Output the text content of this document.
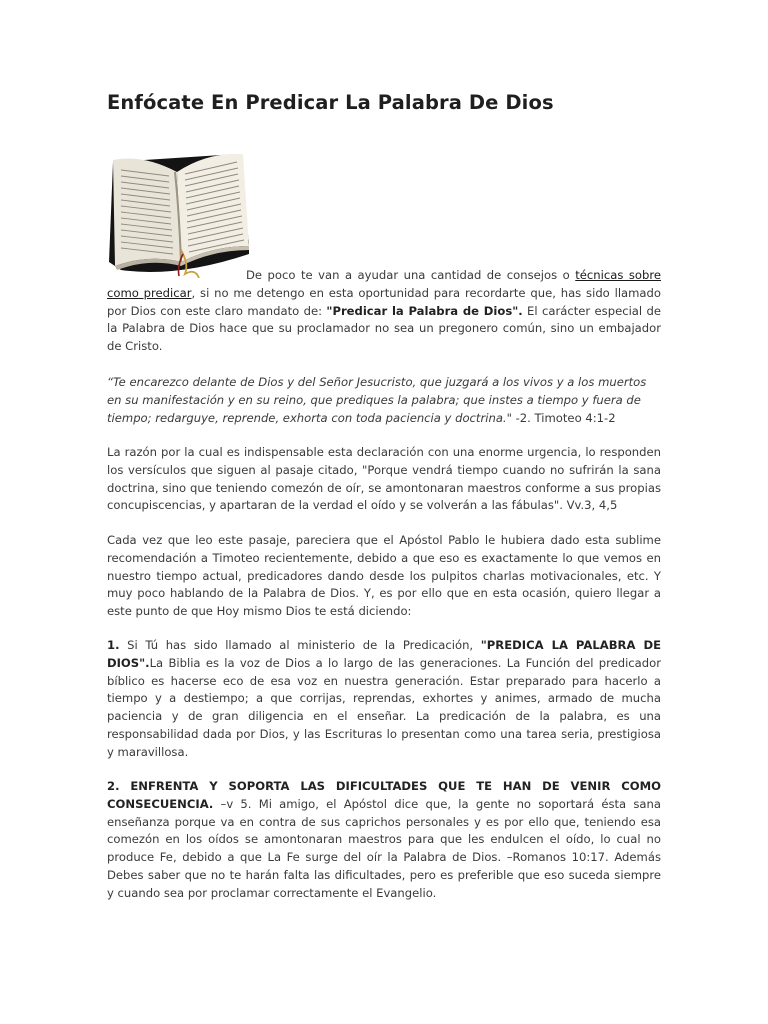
Enfócate En Predicar La Palabra De Dios

De poco te van a ayudar una cantidad de consejos o técnicas sobre como predicar, si no me detengo en esta oportunidad para recordarte que, has sido llamado por Dios con este claro mandato de: "Predicar la Palabra de Dios". El carácter especial de la Palabra de Dios hace que su proclamador no sea un pregonero común, sino un embajador de Cristo.

“Te encarezco delante de Dios y del Señor Jesucristo, que juzgará a los vivos y a los muertos en su manifestación y en su reino, que prediques la palabra; que instes a tiempo y fuera de tiempo; redarguye, reprende, exhorta con toda paciencia y doctrina." -2. Timoteo 4:1-2

La razón por la cual es indispensable esta declaración con una enorme urgencia, lo responden los versículos que siguen al pasaje citado, "Porque vendrá tiempo cuando no sufrirán la sana doctrina, sino que teniendo comezón de oír, se amontonaran maestros conforme a sus propias concupiscencias, y apartaran de la verdad el oído y se volverán a las fábulas". Vv.3, 4,5

Cada vez que leo este pasaje, pareciera que el Apóstol Pablo le hubiera dado esta sublime recomendación a Timoteo recientemente, debido a que eso es exactamente lo que vemos en nuestro tiempo actual, predicadores dando desde los pulpitos charlas motivacionales, etc. Y muy poco hablando de la Palabra de Dios. Y, es por ello que en esta ocasión, quiero llegar a este punto de que Hoy mismo Dios te está diciendo:

1. Si Tú has sido llamado al ministerio de la Predicación, "PREDICA LA PALABRA DE DIOS".La Biblia es la voz de Dios a lo largo de las generaciones. La Función del predicador bíblico es hacerse eco de esa voz en nuestra generación. Estar preparado para hacerlo a tiempo y a destiempo; a que corrijas, reprendas, exhortes y animes, armado de mucha paciencia y de gran diligencia en el enseñar. La predicación de la palabra, es una responsabilidad dada por Dios, y las Escrituras lo presentan como una tarea seria, prestigiosa y maravillosa.

2. ENFRENTA Y SOPORTA LAS DIFICULTADES QUE TE HAN DE VENIR COMO CONSECUENCIA. –v 5. Mi amigo, el Apóstol dice que, la gente no soportará ésta sana enseñanza porque va en contra de sus caprichos personales y es por ello que, teniendo esa comezón en los oídos se amontonaran maestros para que les endulcen el oído, lo cual no produce Fe, debido a que La Fe surge del oír la Palabra de Dios. –Romanos 10:17. Además Debes saber que no te harán falta las dificultades, pero es preferible que eso suceda siempre y cuando sea por proclamar correctamente el Evangelio.
